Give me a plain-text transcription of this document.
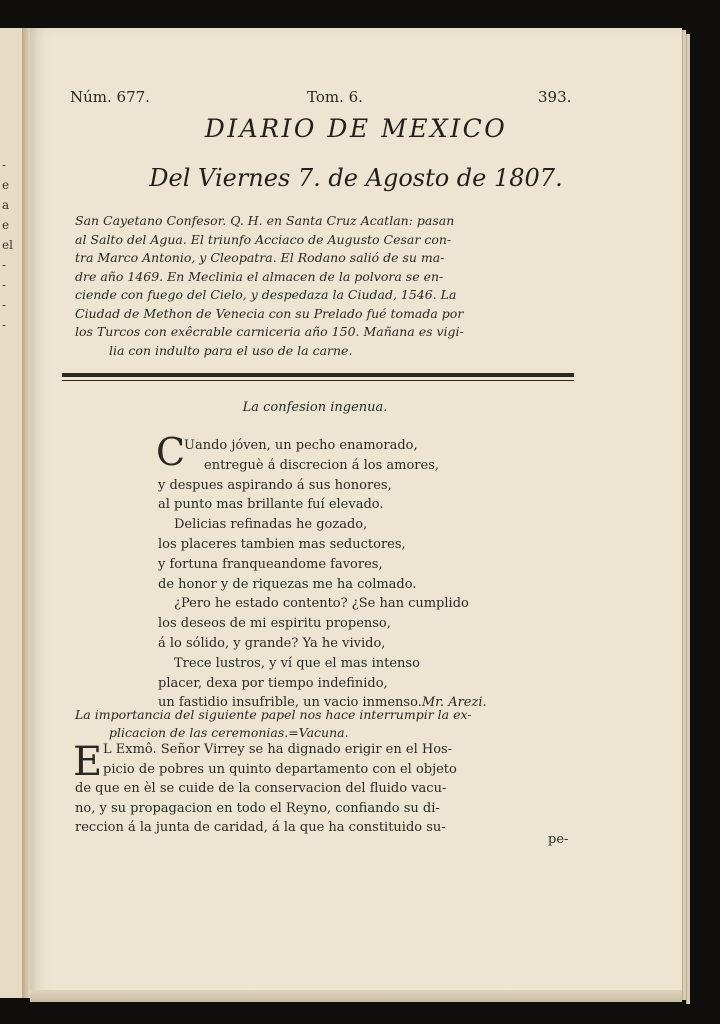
-
e
a
e
el
-
-
-
-
Núm. 677.	Tom. 6.	393.
DIARIO DE MEXICO
Del Viernes 7. de Agosto de 1807.
San Cayetano Confesor. Q. H. en Santa Cruz Acatlan: pasan
al Salto del Agua. El triunfo Acciaco de Augusto Cesar con-
tra Marco Antonio, y Cleopatra. El Rodano salió de su ma-
dre año 1469. En Meclinia el almacen de la polvora se en-
ciende con fuego del Cielo, y despedaza la Ciudad, 1546. La
Ciudad de Methon de Venecia con su Prelado fué tomada por
los Turcos con exêcrable carniceria año 150. Mañana es vigi-
lia con indulto para el uso de la carne.
La confesion ingenua.
C
Uando jóven, un pecho enamorado,
entreguè á discrecion á los amores,
y despues aspirando á sus honores,
al punto mas brillante fuí elevado.
Delicias refinadas he gozado,
los placeres tambien mas seductores,
y fortuna franqueandome favores,
de honor y de riquezas me ha colmado.
¿Pero he estado contento? ¿Se han cumplido
los deseos de mi espiritu propenso,
á lo sólido, y grande? Ya he vivido,
Trece lustros, y ví que el mas intenso
placer, dexa por tiempo indefinido,
un fastidio insufrible, un vacio inmenso.Mr. Arezi.
La importancia del siguiente papel nos hace interrumpir la ex-
plicacion de las ceremonias.=Vacuna.
E L Exmô. Señor Virrey se ha dignado erigir en el Hos-
picio de pobres un quinto departamento con el objeto
de que en èl se cuide de la conservacion del fluido vacu-
no, y su propagacion en todo el Reyno, confiando su di-
reccion á la junta de caridad, á la que ha constituido su-
pe-
